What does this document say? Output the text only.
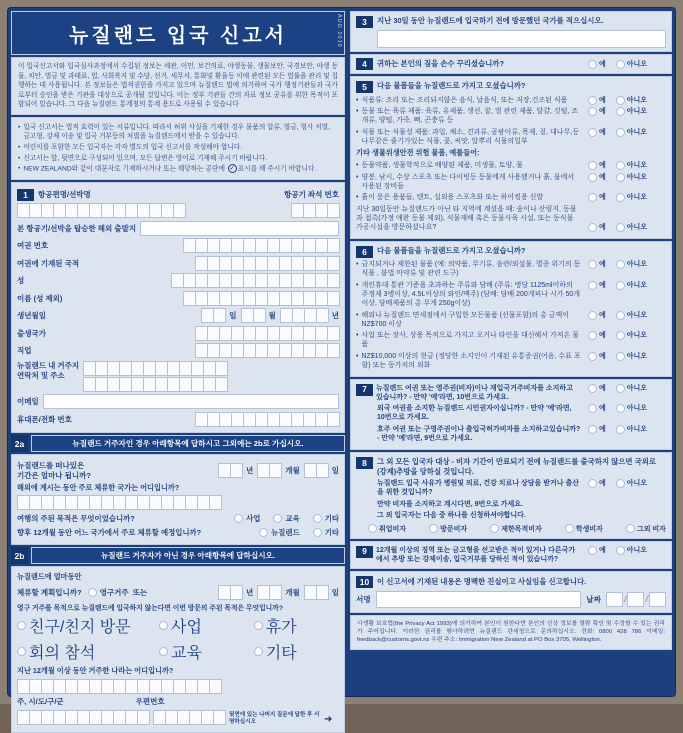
뉴질랜드 입국 신고서	AUG 2010
이 입국신고서와 입국심사과정에서 수집된 정보는 세관, 이민, 보건의료, 야생동물, 생물보안, 국경보안, 야생 동물, 치안, 벌금 및 과태료, 법, 사회복지 및 수당, 선거, 세무서, 통화및 환율등 이에 관련된 모든 법률을 관리 및 집행하는 데 사용됩니다. 본 정보들은 법적권한을 가지고 있으며 뉴질랜드 법에 의거하여 국가 행정기관들과 국가로부터 승인을 받은 기관을 대상으로 공개될 것입니다. 이는 정부 기관들 간의 자료 정보 공유를 위한 목적이 포함되어 있습니다. 그 다음 뉴질랜드 통계청의 통계 용도로 사용될 수 있습니다
• 입국 신고서는 법적 효력이 있는 서류입니다. 따라서 허위 사실을 기재한 경우 물품의 압류, 벌금, 형사 처벌, 금고형, 강제 이송 및 입국 거부등의 처벌을 뉴질랜드에서 받을 수 있습니다.
• 어린이를 포함한 모든 입국자는 각자 별도의 입국 신고서를 작성해야 합니다.
• 신고서는 앞, 뒷면으로 구성되어 있으며, 모든 답변은 영어로 기재해 주시기 바랍니다.
• NEW ZEALAND와 같이 대문자로 기재하시거나 또는 해당하는 공란에 ✓ 표시를 해 주시기 바랍니다.
1	항공편명/선박명	항공기 좌석 번호
본 항공기/선박을 탑승한 해외 출발지
여권 번호
여권에 기재된 국적
성
이름 (성 제외)
생년월일	일	월	년
출생국가
직업
뉴질랜드 내 거주지
연락처 및 주소
이메일
휴대폰/전화 번호
2a	뉴질랜드 거주자인 경우 아래항목에 답하시고 그외에는 2b로 가십시오.
뉴질랜드를 떠나있은
기간은 얼마나 됩니까?	년	개월	일
해외에 계시는 동안 주로 체류한 국가는 어디입니까?
여행의 주된 목적은 무엇이었습니까?	사업	교육	기타
향후 12개월 동안 어느 국가에서 주로 체류할 예정입니까?	뉴질랜드	기타
2b	뉴질랜드 거주자가 아닌 경우 아래항목에 답하십시오.
뉴질랜드에 얼마동안
체류할 계획입니까? 영구거주 또는	년	개월	일
영구 거주를 목적으로 뉴질랜드에 입국하지 않는다면 이번 방문의 주된 목적은 무엇입니까?
친구/친지 방문	사업	휴가
회의 참석	교육	기타
지난 12개월 이상 동안 거주한 나라는 어디입니까?
주, 시/도/구/군	우편번호
뒷면에 있는 나머지 질문에 답한 후 서명하십시오	➜
3	지난 30일 동안 뉴질랜드에 입국하기 전에 방문했던 국가를 적으십시오.
4	귀하는 본인의 짐을 손수 꾸리셨습니까?	예	아니오
5	다음 물품들을 뉴질랜드로 가지고 오셨습니까?
• 식품류: 조리 또는 조리되지않은 음식, 날음식, 또는 저장,건조된 식품	예	아니오
• 동물 또는 육류 제품: 육류, 유제품, 생선, 꿀, 벌 관련 제품, 달걀, 깃털, 조개류, 양털, 가죽, 뼈, 곤충류 등
예	아니오
• 식물 또는 식물성 제품: 과일, 채소, 견과류, 곰팡이류, 목재, 짚, 대나무,등나무같은 줄기가있는 식물, 꽃, 씨앗, 알뿌리 식물의일부
예	아니오
기타 생물위생안전 위험 물품, 예를들어:
• 동물약품, 생물학적으로 배양된 제품, 미생물, 토양, 물	예	아니오
• 양봉, 낚시, 수상 스포츠 또는 다이빙등 동물에게 사용됐거나 흙, 물에서 사용된 장비들
예	아니오
• 흙이 묻은 용품들, 텐트, 실외용 스포츠화 또는 하이킹용 신발	예	아니오
지난 30일동안 뉴질랜드가 아닌 타 지역에 계셨을 때: 숲이나 산림지, 동물과 접촉(가정 애완 동물 제외), 식물재배 혹은 동물사육 시설, 또는 동식물 가공시설을 방문하셨나요?	예	아니오
6	다음 물품들을 뉴질랜드로 가지고 오셨습니까?
• 금지되거나 제한된 물품 (예: 의약품, 무기류, 음란/외설물, 멸종 위기의 동식물 , 불법 마약류 및 관련 도구)
예	아니오
• 개인휴대 통관 기준을 초과하는 주류와 담배 (주류: 병당 1125ml이하의 주정제 3병이상, 4.5L이상의 와인/맥주) (담배: 담배 200개피나 시가 50개이상, 담배제품의 총 무게 250g이상)
예	아니오
• 해외나 뉴질랜드 면세점에서 구입한 모든물품 (선물포함)의 총 금액이 NZ$700 이상
예	아니오
• 사업 또는 장사, 상용 목적으로 가지고 오거나 타인을 대신해서 가져온 물품
예	아니오
• NZ$10,000 이상의 현금 (정당한 소지인이 기재된 유통증권(어음, 수표 포함) 또는 동가치의 외화
예	아니오
7	뉴질랜드 여권 또는 영주권(비자)이나 재입국거주비자를 소지하고 있습니까? - 만약 '예'라면, 10번으로 가세요.
예	아니오
외국 여권을 소지한 뉴질랜드 시민권자이십니까? - 만약 '예'라면, 10번으로 가세요.
예	아니오
호주 여권 또는 구영주권이나 출입국허가비자를 소지하고있습니까? - 만약 '예'라면, 9번으로 가세요.
예	아니오
8	그 외 모든 입국자 대상 - 비자 기간이 만료되기 전에 뉴질랜드를 출국하지 않으면 국외로 (강제)추방을 당하실 것입니다.
뉴질랜드 입국 사유가 병원및 의료, 건강 치료나 상담을 받거나 출산을 위한 것입니까?
예	아니오
만약 비자를 소지하고 계시다면, 9번으로 가세요.
그 외 입국자는 다음 중 하나를 신청하셔야합니다.
취업비자	방문비자	제한목적비자	학생비자	그외 비자
9	12개월 이상의 징역 또는 금고형을 선고받은 적이 있거나 다른국가에서 추방 또는 강제이송, 입국거부를 당하신 적이 있습니까?
예	아니오
10	이 신고서에 기재된 내용은 명백한 진실이고 사실임을 신고합니다.
서명	날짜	/ /
사생활 보호법(the Privacy Act 1993)에 의거하여 본인이 원한다면 본인의 신상 정보를 열람 확인 및 수정할 수 있는 권리가 주어집니다. 이러한 권리를 행사하려면 뉴질랜드 관세청으로 문의하십시오. 전화: 0800 428 786 이메일: feedback@customs.govt.nz 우편 주소: Immigration New Zealand at PO Box 3705, Wellington.
